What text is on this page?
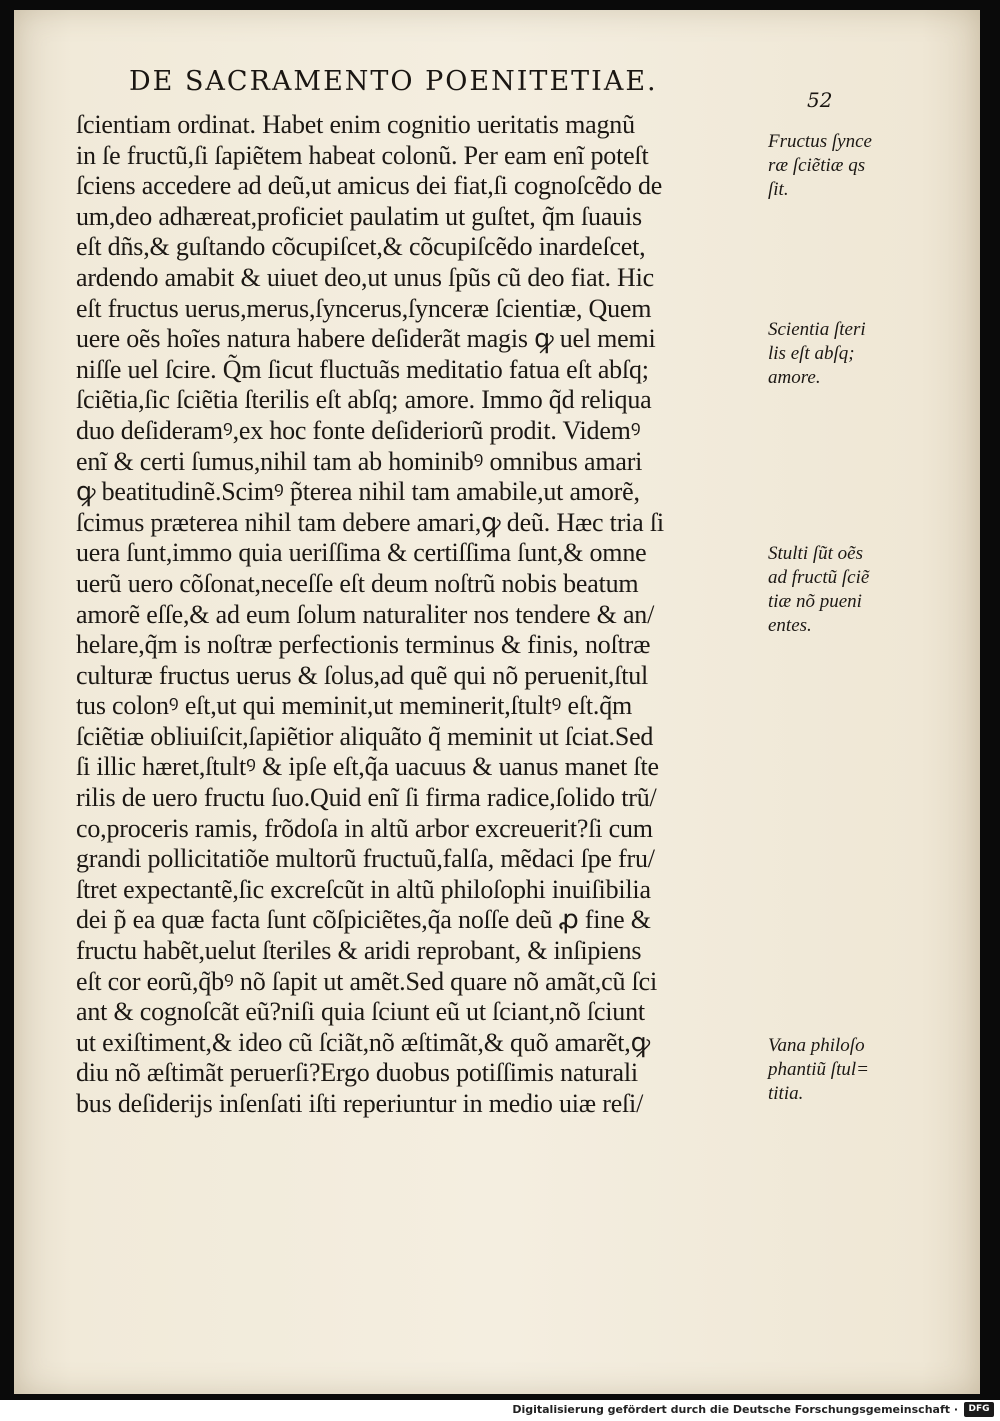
DE SACRAMENTO POENITETIAE.
52
ſcientiam ordinat. Habet enim cognitio ueritatis magnũ
in ſe fructũ,ſi ſapiẽtem habeat colonũ. Per eam enĩ poteſt
ſciens accedere ad deũ,ut amicus dei fiat,ſi cognoſcẽdo de
um,deo adhæreat,proficiet paulatim ut guſtet, q̃m ſuauis
eſt dñs,& guſtando cõcupiſcet,& cõcupiſcẽdo inardeſcet,
ardendo amabit & uiuet deo,ut unus ſpũs cũ deo fiat. Hic
eſt fructus uerus,merus,ſyncerus,ſynceræ ſcientiæ, Quem
uere oẽs hoĩes natura habere deſiderãt magis ꝙ uel memi
niſſe uel ſcire. Q̃m ſicut fluctuãs meditatio fatua eſt abſq;
ſciẽtia,ſic ſciẽtia ſterilis eſt abſq; amore. Immo q̃d reliqua
duo deſideramꝰ,ex hoc fonte deſideriorũ prodit. Videmꝰ
enĩ & certi ſumus,nihil tam ab hominibꝰ omnibus amari
ꝙ beatitudinẽ.Scimꝰ p̃terea nihil tam amabile,ut amorẽ,
ſcimus præterea nihil tam debere amari,ꝙ deũ. Hæc tria ſi
uera ſunt,immo quia ueriſſima & certiſſima ſunt,& omne
uerũ uero cõſonat,neceſſe eſt deum noſtrũ nobis beatum
amorẽ eſſe,& ad eum ſolum naturaliter nos tendere & an/
helare,q̃m is noſtræ perfectionis terminus & finis, noſtræ
culturæ fructus uerus & ſolus,ad quẽ qui nõ peruenit,ſtul
tus colonꝰ eſt,ut qui meminit,ut meminerit,ſtultꝰ eſt.q̃m
ſciẽtiæ obliuiſcit,ſapiẽtior aliquãto q̃ meminit ut ſciat.Sed
ſi illic hæret,ſtultꝰ & ipſe eſt,q̃a uacuus & uanus manet ſte
rilis de uero fructu ſuo.Quid enĩ ſi firma radice,ſolido trũ/
co,proceris ramis, frõdoſa in altũ arbor excreuerit?ſi cum
grandi pollicitatiõe multorũ fructuũ,falſa, mẽdaci ſpe fru/
ſtret expectantẽ,ſic excreſcũt in altũ philoſophi inuiſibilia
dei p̃ ea quæ facta ſunt cõſpiciẽtes,q̃a noſſe deũ ꝓ fine &
fructu habẽt,uelut ſteriles & aridi reprobant, & inſipiens
eſt cor eorũ,q̃bꝰ nõ ſapit ut amẽt.Sed quare nõ amãt,cũ ſci
ant & cognoſcãt eũ?niſi quia ſciunt eũ ut ſciant,nõ ſciunt
ut exiſtiment,& ideo cũ ſciãt,nõ æſtimãt,& quõ amarẽt,ꝙ
diu nõ æſtimãt peruerſi?Ergo duobus potiſſimis naturali
bus deſiderijs inſenſati iſti reperiuntur in medio uiæ reſi/
Fructus ſynce
ræ ſciẽtiæ qs
ſit.
Scientia ſteri
lis eſt abſq;
amore.
Stulti ſũt oẽs
ad fructũ ſciẽ
tiæ nõ pueni
entes.
Vana philoſo
phantiũ ſtul=
titia.
Digitalisierung gefördert durch die Deutsche Forschungsgemeinschaft ·	DFG
